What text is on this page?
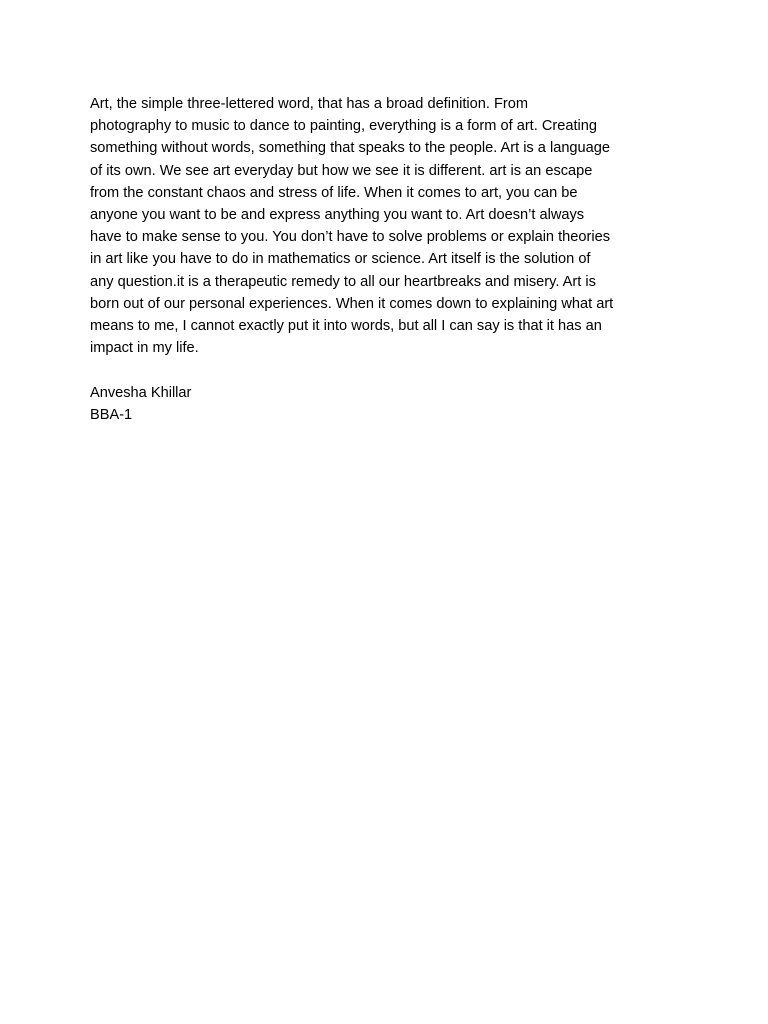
Art, the simple three-lettered word, that has a broad definition. From
photography to music to dance to painting, everything is a form of art. Creating
something without words, something that speaks to the people. Art is a language
of its own. We see art everyday but how we see it is different. art is an escape
from the constant chaos and stress of life. When it comes to art, you can be
anyone you want to be and express anything you want to. Art doesn’t always
have to make sense to you. You don’t have to solve problems or explain theories
in art like you have to do in mathematics or science. Art itself is the solution of
any question.it is a therapeutic remedy to all our heartbreaks and misery. Art is
born out of our personal experiences. When it comes down to explaining what art
means to me, I cannot exactly put it into words, but all I can say is that it has an
impact in my life.
Anvesha Khillar
BBA-1
